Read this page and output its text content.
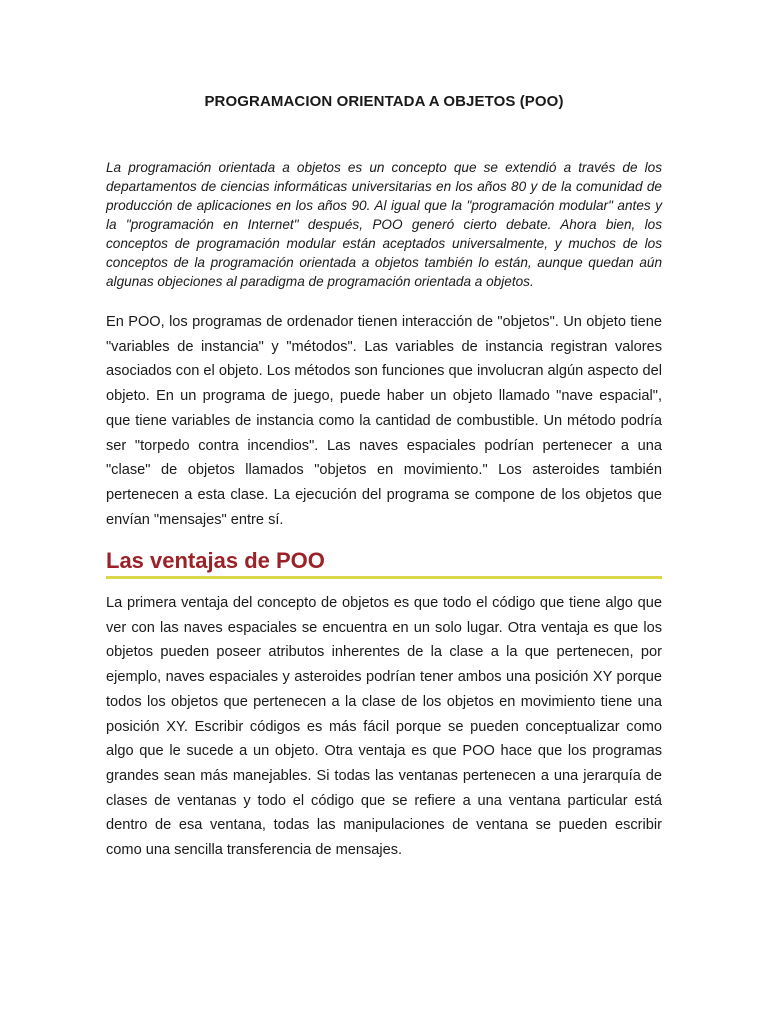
PROGRAMACION ORIENTADA A OBJETOS (POO)

La programación orientada a objetos es un concepto que se extendió a través de los departamentos de ciencias informáticas universitarias en los años 80 y de la comunidad de producción de aplicaciones en los años 90. Al igual que la "programación modular" antes y la "programación en Internet" después, POO generó cierto debate. Ahora bien, los conceptos de programación modular están aceptados universalmente, y muchos de los conceptos de la programación orientada a objetos también lo están, aunque quedan aún algunas objeciones al paradigma de programación orientada a objetos.

En POO, los programas de ordenador tienen interacción de "objetos". Un objeto tiene "variables de instancia" y "métodos". Las variables de instancia registran valores asociados con el objeto. Los métodos son funciones que involucran algún aspecto del objeto. En un programa de juego, puede haber un objeto llamado "nave espacial", que tiene variables de instancia como la cantidad de combustible. Un método podría ser "torpedo contra incendios". Las naves espaciales podrían pertenecer a una "clase" de objetos llamados "objetos en movimiento." Los asteroides también pertenecen a esta clase. La ejecución del programa se compone de los objetos que envían "mensajes" entre sí.

Las ventajas de POO

La primera ventaja del concepto de objetos es que todo el código que tiene algo que ver con las naves espaciales se encuentra en un solo lugar. Otra ventaja es que los objetos pueden poseer atributos inherentes de la clase a la que pertenecen, por ejemplo, naves espaciales y asteroides podrían tener ambos una posición XY porque todos los objetos que pertenecen a la clase de los objetos en movimiento tiene una posición XY. Escribir códigos es más fácil porque se pueden conceptualizar como algo que le sucede a un objeto. Otra ventaja es que POO hace que los programas grandes sean más manejables. Si todas las ventanas pertenecen a una jerarquía de clases de ventanas y todo el código que se refiere a una ventana particular está dentro de esa ventana, todas las manipulaciones de ventana se pueden escribir como una sencilla transferencia de mensajes.
